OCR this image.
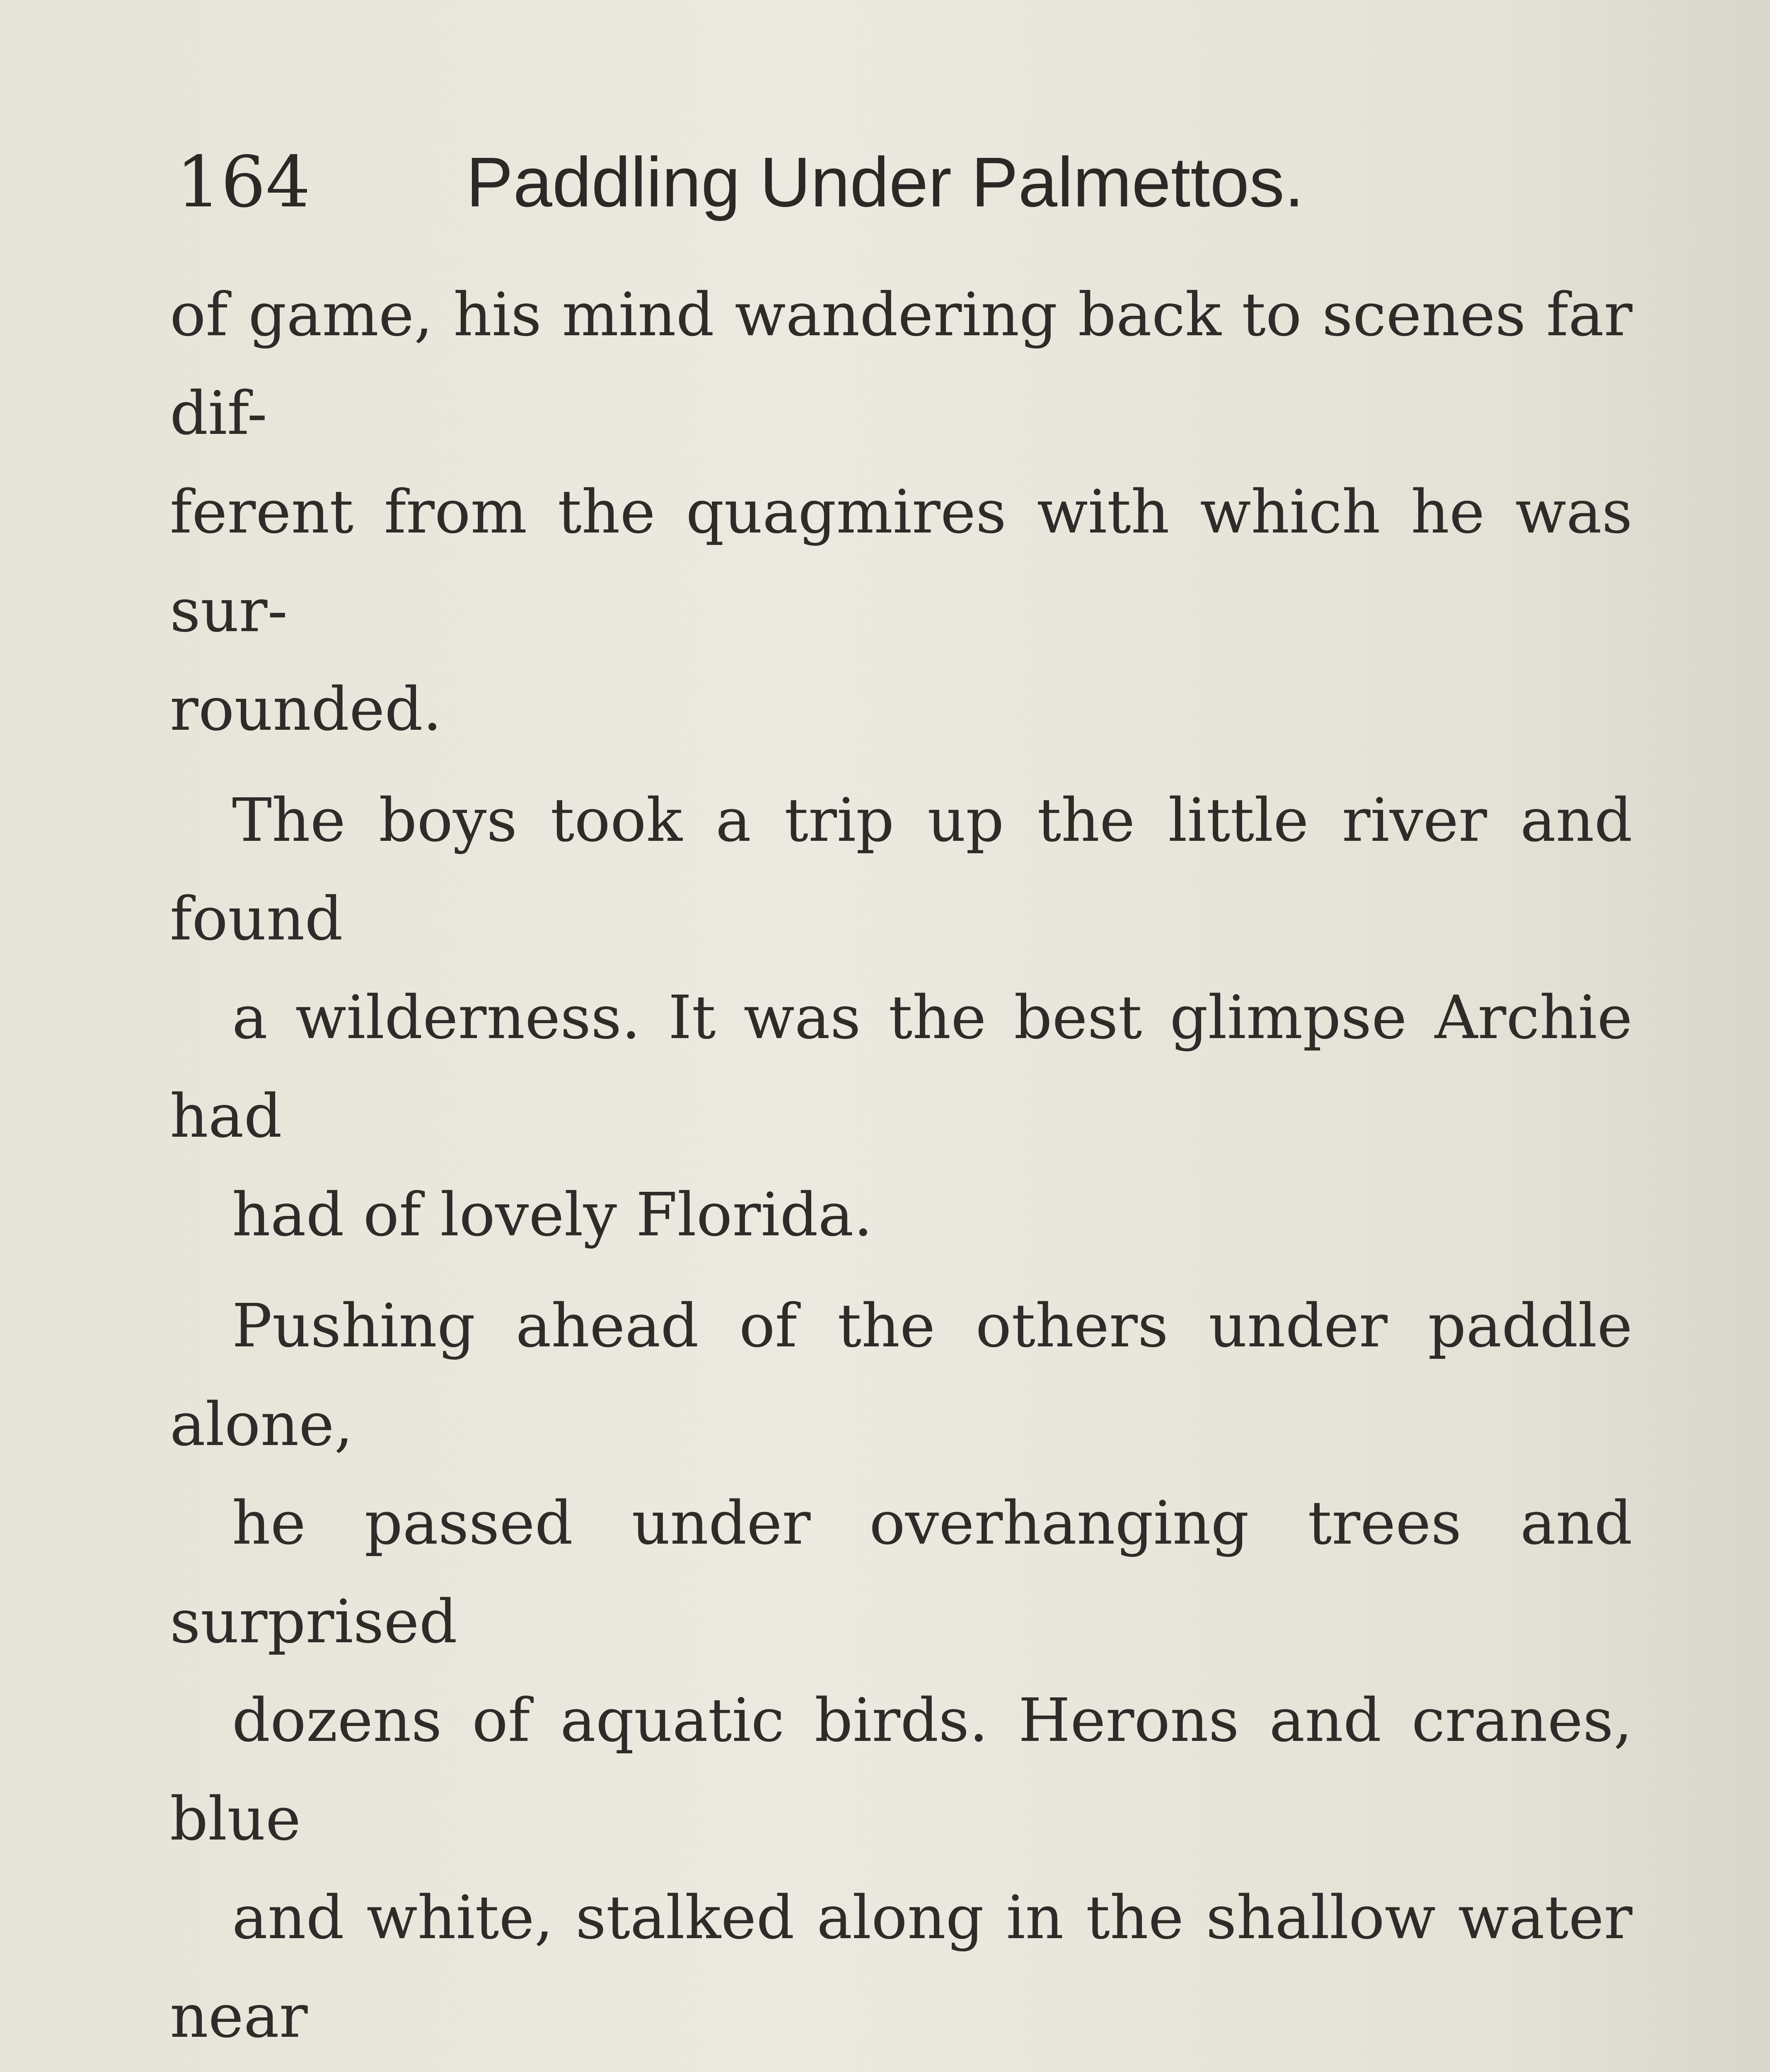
164 Paddling Under Palmettos.
of game, his mind wandering back to scenes far dif-
ferent from the quagmires with which he was sur-
rounded.
The boys took a trip up the little river and found
a wilderness. It was the best glimpse Archie had
had of lovely Florida.
Pushing ahead of the others under paddle alone,
he passed under overhanging trees and surprised
dozens of aquatic birds. Herons and cranes, blue
and white, stalked along in the shallow water near
